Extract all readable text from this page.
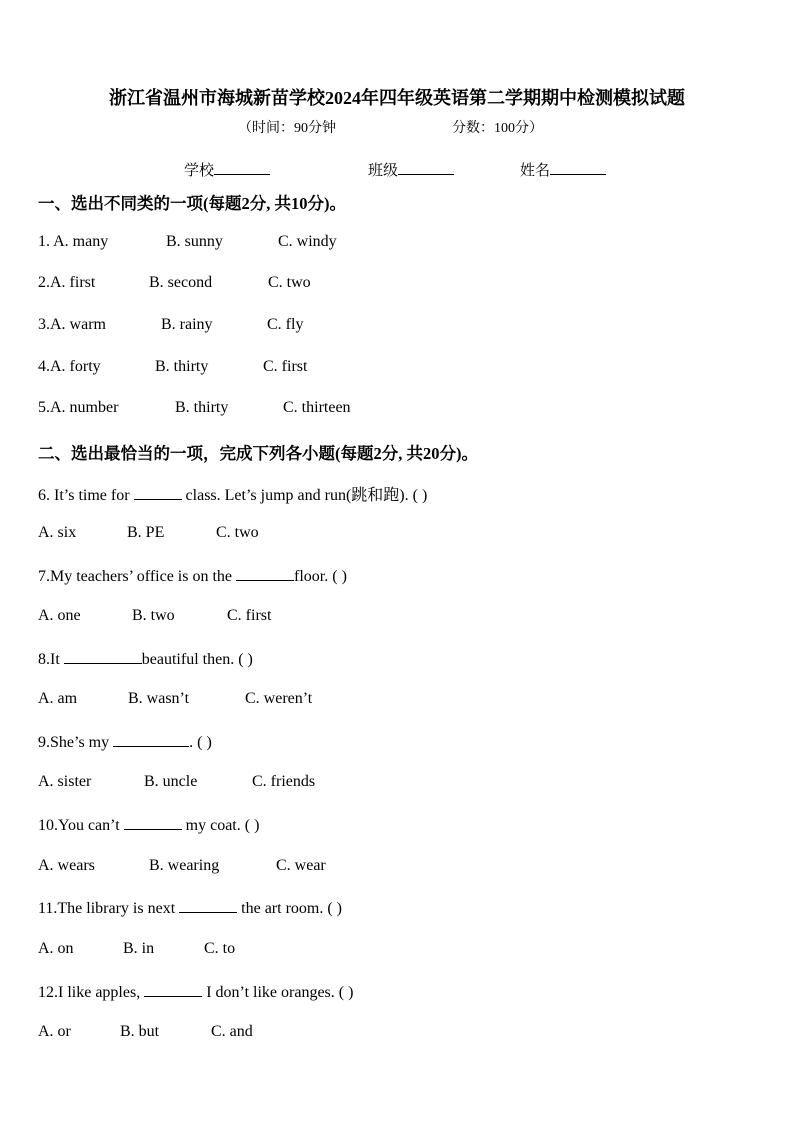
浙江省温州市海城新苗学校2024年四年级英语第二学期期中检测模拟试题
（时间：90分钟	分数：100分）
学校	班级	姓名
一、选出不同类的一项(每题2分, 共10分)。
1. A. many	B. sunny	C. windy
2.A. first	B. second	C. two
3.A. warm	B. rainy	C. fly
4.A. forty	B. thirty	C. first
5.A. number	B. thirty	C. thirteen
二、选出最恰当的一项，完成下列各小题(每题2分, 共20分)。
6. It’s time for	class. Let’s jump and run(跳和跑). ( )
A. six	B. PE	C. two
7.My teachers’ office is on the	floor. ( )
A. one	B. two	C. first
8.It	beautiful then. ( )
A. am	B. wasn’t	C. weren’t
9.She’s my	. ( )
A. sister	B. uncle	C. friends
10.You can’t	my coat. ( )
A. wears	B. wearing	C. wear
11.The library is next	the art room. ( )
A. on	B. in	C. to
12.I like apples,	I don’t like oranges. ( )
A. or	B. but	C. and
